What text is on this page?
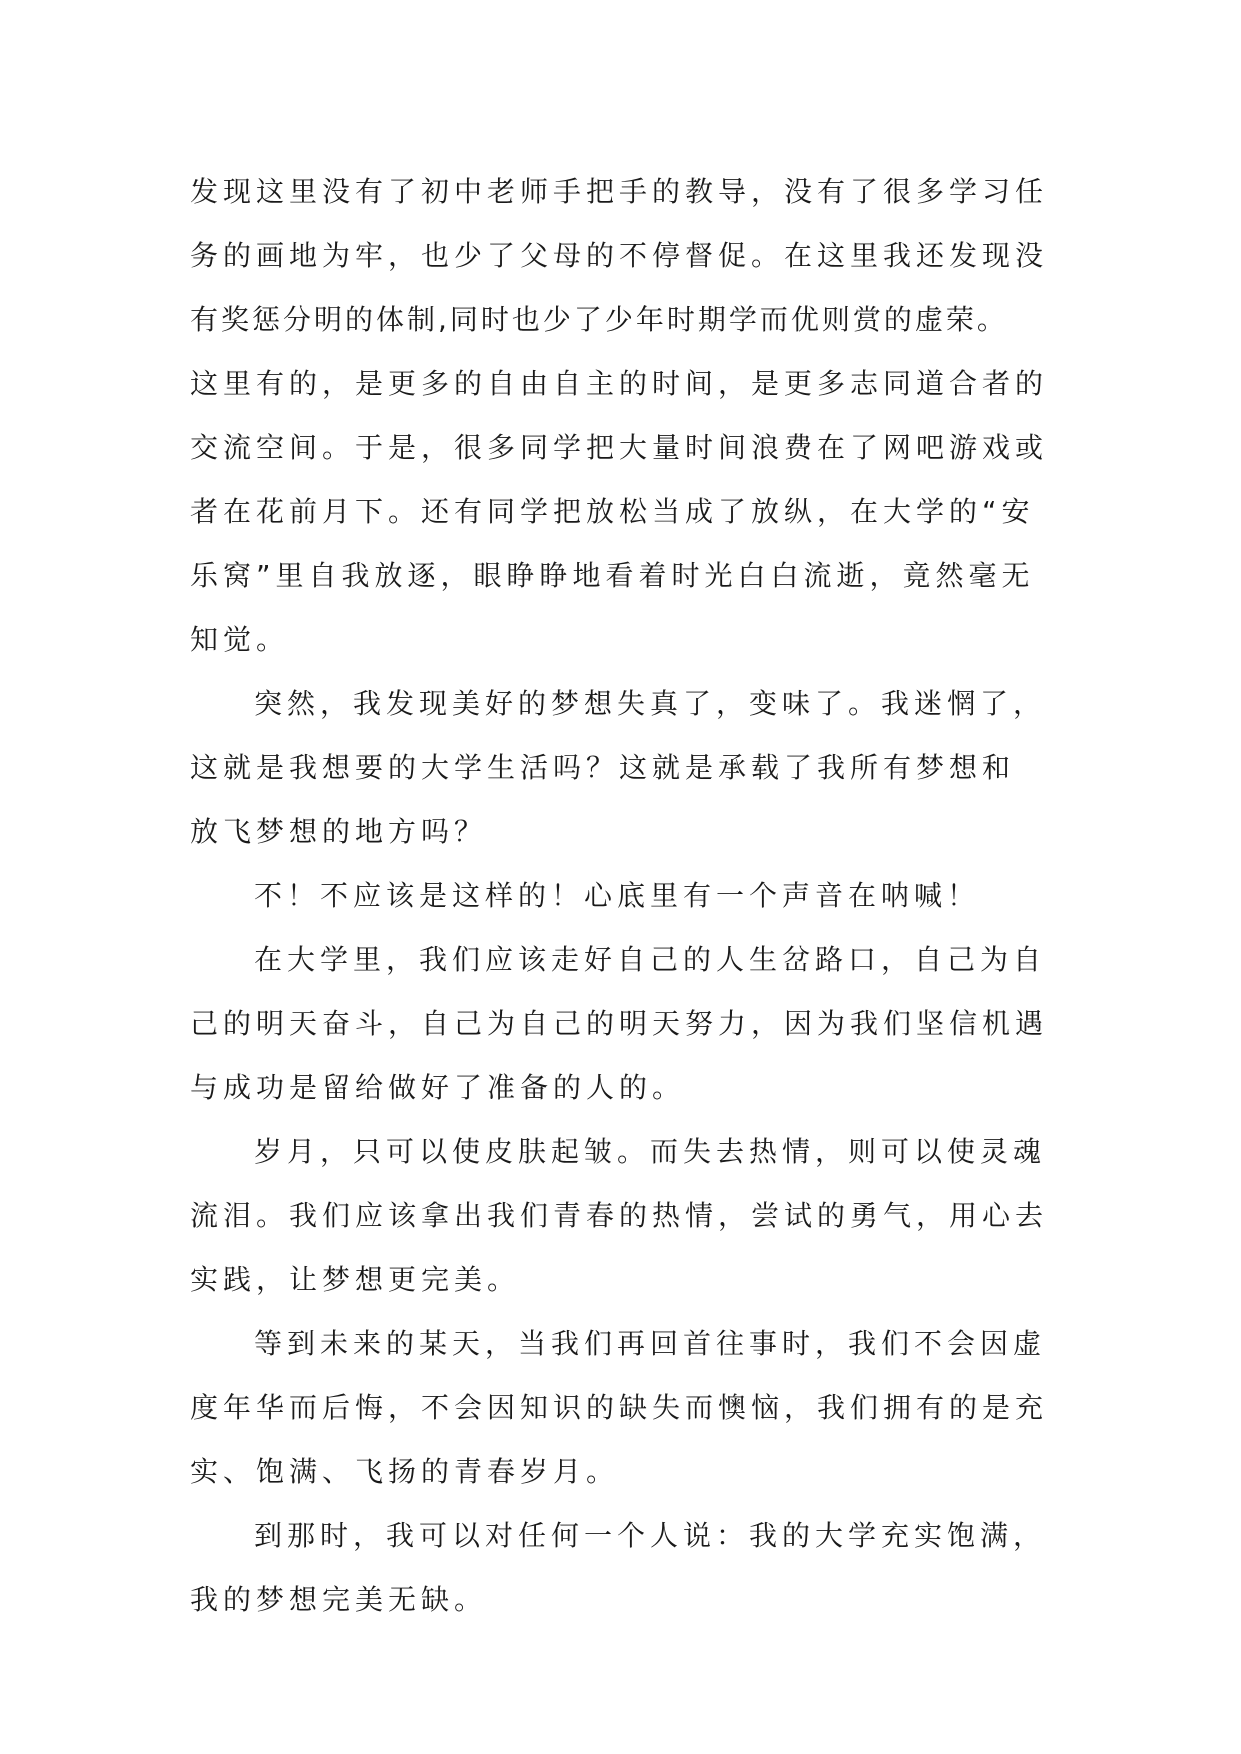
发现这里没有了初中老师手把手的教导，没有了很多学习任
务的画地为牢，也少了父母的不停督促。在这里我还发现没
有奖惩分明的体制,同时也少了少年时期学而优则赏的虚荣。
这里有的，是更多的自由自主的时间，是更多志同道合者的
交流空间。于是，很多同学把大量时间浪费在了网吧游戏或
者在花前月下。还有同学把放松当成了放纵，在大学的“安
乐窝”里自我放逐，眼睁睁地看着时光白白流逝，竟然毫无
知觉。
突然，我发现美好的梦想失真了，变味了。我迷惘了，
这就是我想要的大学生活吗？这就是承载了我所有梦想和
放飞梦想的地方吗？
不！不应该是这样的！心底里有一个声音在呐喊！
在大学里，我们应该走好自己的人生岔路口，自己为自
己的明天奋斗，自己为自己的明天努力，因为我们坚信机遇
与成功是留给做好了准备的人的。
岁月，只可以使皮肤起皱。而失去热情，则可以使灵魂
流泪。我们应该拿出我们青春的热情，尝试的勇气，用心去
实践，让梦想更完美。
等到未来的某天，当我们再回首往事时，我们不会因虚
度年华而后悔，不会因知识的缺失而懊恼，我们拥有的是充
实、饱满、飞扬的青春岁月。
到那时，我可以对任何一个人说：我的大学充实饱满，
我的梦想完美无缺。
